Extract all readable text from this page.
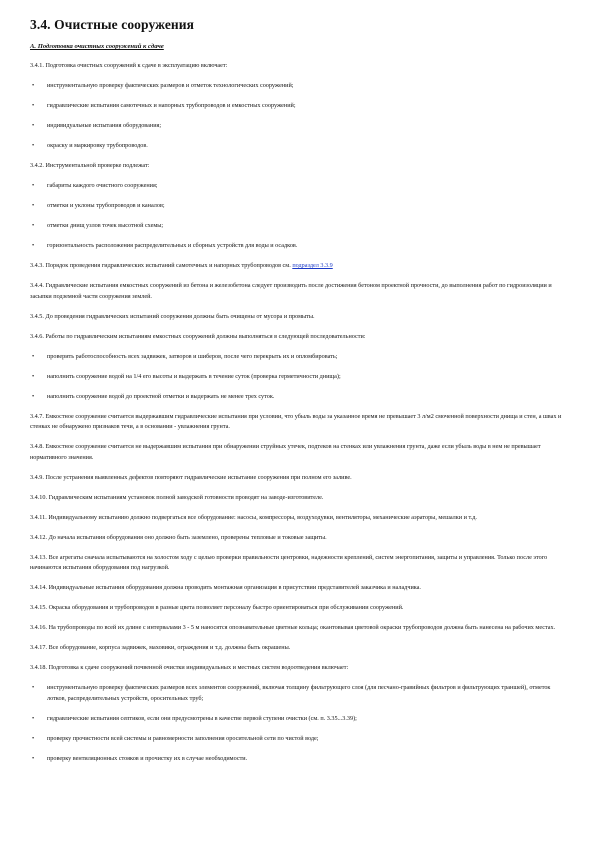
3.4. Очистные сооружения
А. Подготовка очистных сооружений к сдаче
3.4.1. Подготовка очистных сооружений к сдаче в эксплуатацию включает:
• инструментальную проверку фактических размеров и отметок технологических сооружений;
• гидравлические испытания самотечных и напорных трубопроводов и емкостных сооружений;
• индивидуальные испытания оборудования;
• окраску и маркировку трубопроводов.
3.4.2. Инструментальной проверке подлежат:
• габариты каждого очистного сооружения;
• отметки и уклоны трубопроводов и каналов;
• отметки днищ узлов точек высотной схемы;
• горизонтальность расположения распределительных и сборных устройств для воды и осадков.
3.4.3. Порядок проведения гидравлических испытаний самотечных и напорных трубопроводов см. подраздел 3.3.9
3.4.4. Гидравлические испытания емкостных сооружений из бетона и железобетона следует производить после достижения бетоном проектной прочности, до выполнения работ по гидроизоляции и засыпки подземной части сооружения землей.
3.4.5. До проведения гидравлических испытаний сооружения должны быть очищены от мусора и промыты.
3.4.6. Работы по гидравлическим испытаниям емкостных сооружений должны выполняться в следующей последовательности:
• проверить работоспособность всех задвижек, затворов и шиберов, после чего перекрыть их и опломбировать;
• наполнить сооружение водой на 1/4 его высоты и выдержать в течение суток (проверка герметичности днища);
• наполнить сооружение водой до проектной отметки и выдержать не менее трех суток.
3.4.7. Емкостное сооружение считается выдержавшим гидравлические испытания при условии, что убыль воды за указанное время не превышает 3 л/м2 смоченной поверхности днища и стен, а швах и стенках не обнаружено признаков течи, а в основании - увлажнения грунта.
3.4.8. Емкостное сооружение считается не выдержавшим испытания при обнаружении струйных утечек, подтеков на стенках или увлажнения грунта, даже если убыль воды в нем не превышает нормативного значения.
3.4.9. После устранения выявленных дефектов повторяют гидравлические испытание сооружения при полном его заливе.
3.4.10. Гидравлическим испытаниям установок полной заводской готовности проводят на заводе-изготовителе.
3.4.11. Индивидуальному испытанию должно подвергаться все оборудование: насосы, компрессоры, воздуходувки, вентиляторы, механические аэраторы, мешалки и т.д.
3.4.12. До начала испытания оборудования оно должно быть заземлено, проверены тепловые и токовые защиты.
3.4.13. Все агрегаты сначала испытываются на холостом ходу с целью проверки правильности центровки, надежности креплений, систем энергопитания, защиты и управления. Только после этого начинаются испытания оборудования под нагрузкой.
3.4.14. Индивидуальные испытания оборудования должна проводить монтажная организация в присутствии представителей заказчика и наладчика.
3.4.15. Окраска оборудования и трубопроводов в разные цвета позволяет персоналу быстро ориентироваться при обслуживании сооружений.
3.4.16. На трубопроводы по всей их длине с интервалами 3 - 5 м наносятся опознавательные цветные кольца; окантовывая цветовой окраски трубопроводов должна быть нанесена на рабочих местах.
3.4.17. Все оборудование, корпуса задвижек, маховики, ограждения и т.д. должны быть окрашены.
3.4.18. Подготовка к сдаче сооружений почвенной очистки индивидуальных и местных систем водоотведения включает:
• инструментальную проверку фактических размеров всех элементов сооружений, включая толщину фильтрующего слоя (для песчано-гравийных фильтров и фильтрующих траншей), отметок лотков, распределительных устройств, оросительных труб;
• гидравлические испытания септиков, если они предусмотрены в качестве первой ступени очистки (см. п. 3.35...3.39);
• проверку прочистности всей системы и равномерности заполнения оросительной сети по чистой воде;
• проверку вентиляционных стояков и прочистку их в случае необходимости.
